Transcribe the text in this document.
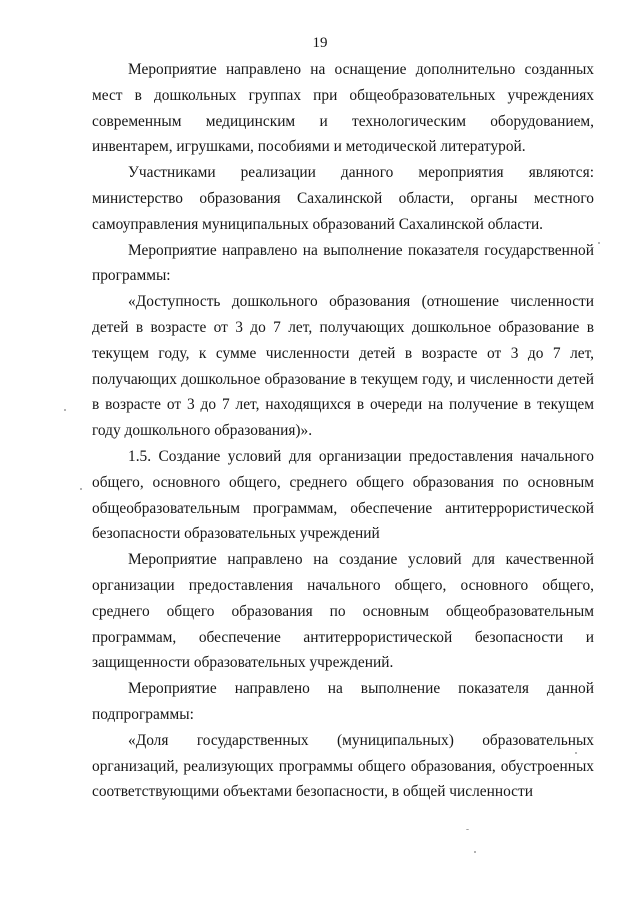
19

Мероприятие направлено на оснащение дополнительно созданных мест в дошкольных группах при общеобразовательных учреждениях современным медицинским и технологическим оборудованием, инвентарем, игрушками, пособиями и методической литературой.

Участниками реализации данного мероприятия являются: министерство образования Сахалинской области, органы местного самоуправления муниципальных образований Сахалинской области.

Мероприятие направлено на выполнение показателя государственной программы:

«Доступность дошкольного образования (отношение численности детей в возрасте от 3 до 7 лет, получающих дошкольное образование в текущем году, к сумме численности детей в возрасте от 3 до 7 лет, получающих дошкольное образование в текущем году, и численности детей в возрасте от 3 до 7 лет, находящихся в очереди на получение в текущем году дошкольного образования)».

1.5. Создание условий для организации предоставления начального общего, основного общего, среднего общего образования по основным общеобразовательным программам, обеспечение антитеррористической безопасности образовательных учреждений

Мероприятие направлено на создание условий для качественной организации предоставления начального общего, основного общего, среднего общего образования по основным общеобразовательным программам, обеспечение антитеррористической безопасности и защищенности образовательных учреждений.

Мероприятие направлено на выполнение показателя данной подпрограммы:

«Доля государственных (муниципальных) образовательных организаций, реализующих программы общего образования, обустроенных соответствующими объектами безопасности, в общей численности
